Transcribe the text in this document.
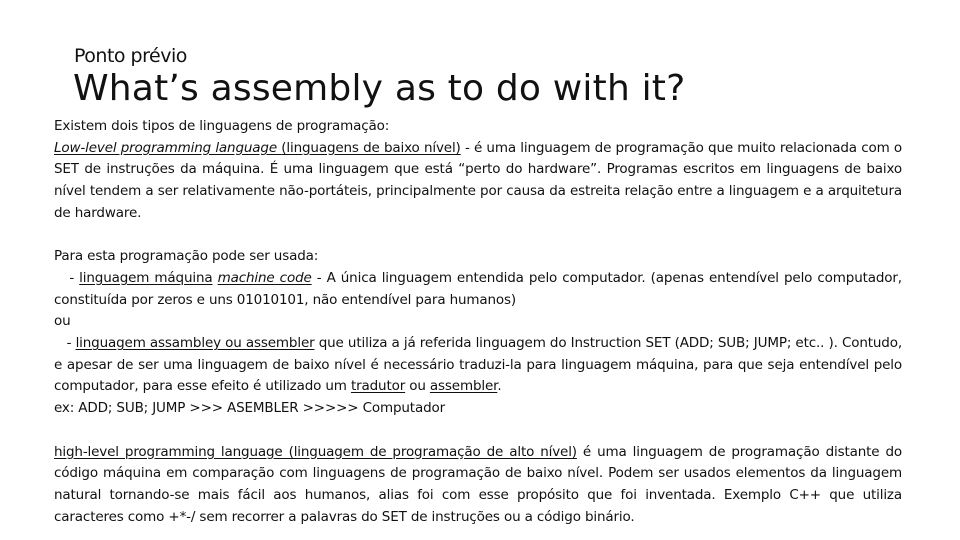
Ponto prévio
What’s assembly as to do with it?

Existem dois tipos de linguagens de programação:

Low-level programming language (linguagens de baixo nível) - é uma linguagem de programação que muito relacionada com o SET de instruções da máquina. É uma linguagem que está “perto do hardware”. Programas escritos em linguagens de baixo nível tendem a ser relativamente não-portáteis, principalmente por causa da estreita relação entre a linguagem e a arquitetura de hardware.

Para esta programação pode ser usada:

- linguagem máquina machine code - A única linguagem entendida pelo computador. (apenas entendível pelo computador, constituída por zeros e uns 01010101, não entendível para humanos)

ou

- linguagem assambley ou assembler que utiliza a já referida linguagem do Instruction SET (ADD; SUB; JUMP; etc.. ). Contudo, e apesar de ser uma linguagem de baixo nível é necessário traduzi-la para linguagem máquina, para que seja entendível pelo computador, para esse efeito é utilizado um tradutor ou assembler.

ex: ADD; SUB; JUMP >>> ASEMBLER >>>>> Computador

high-level programming language (linguagem de programação de alto nível) é uma linguagem de programação distante do código máquina em comparação com linguagens de programação de baixo nível. Podem ser usados elementos da linguagem natural tornando-se mais fácil aos humanos, alias foi com esse propósito que foi inventada. Exemplo C++ que utiliza caracteres como +*-/ sem recorrer a palavras do SET de instruções ou a código binário.
